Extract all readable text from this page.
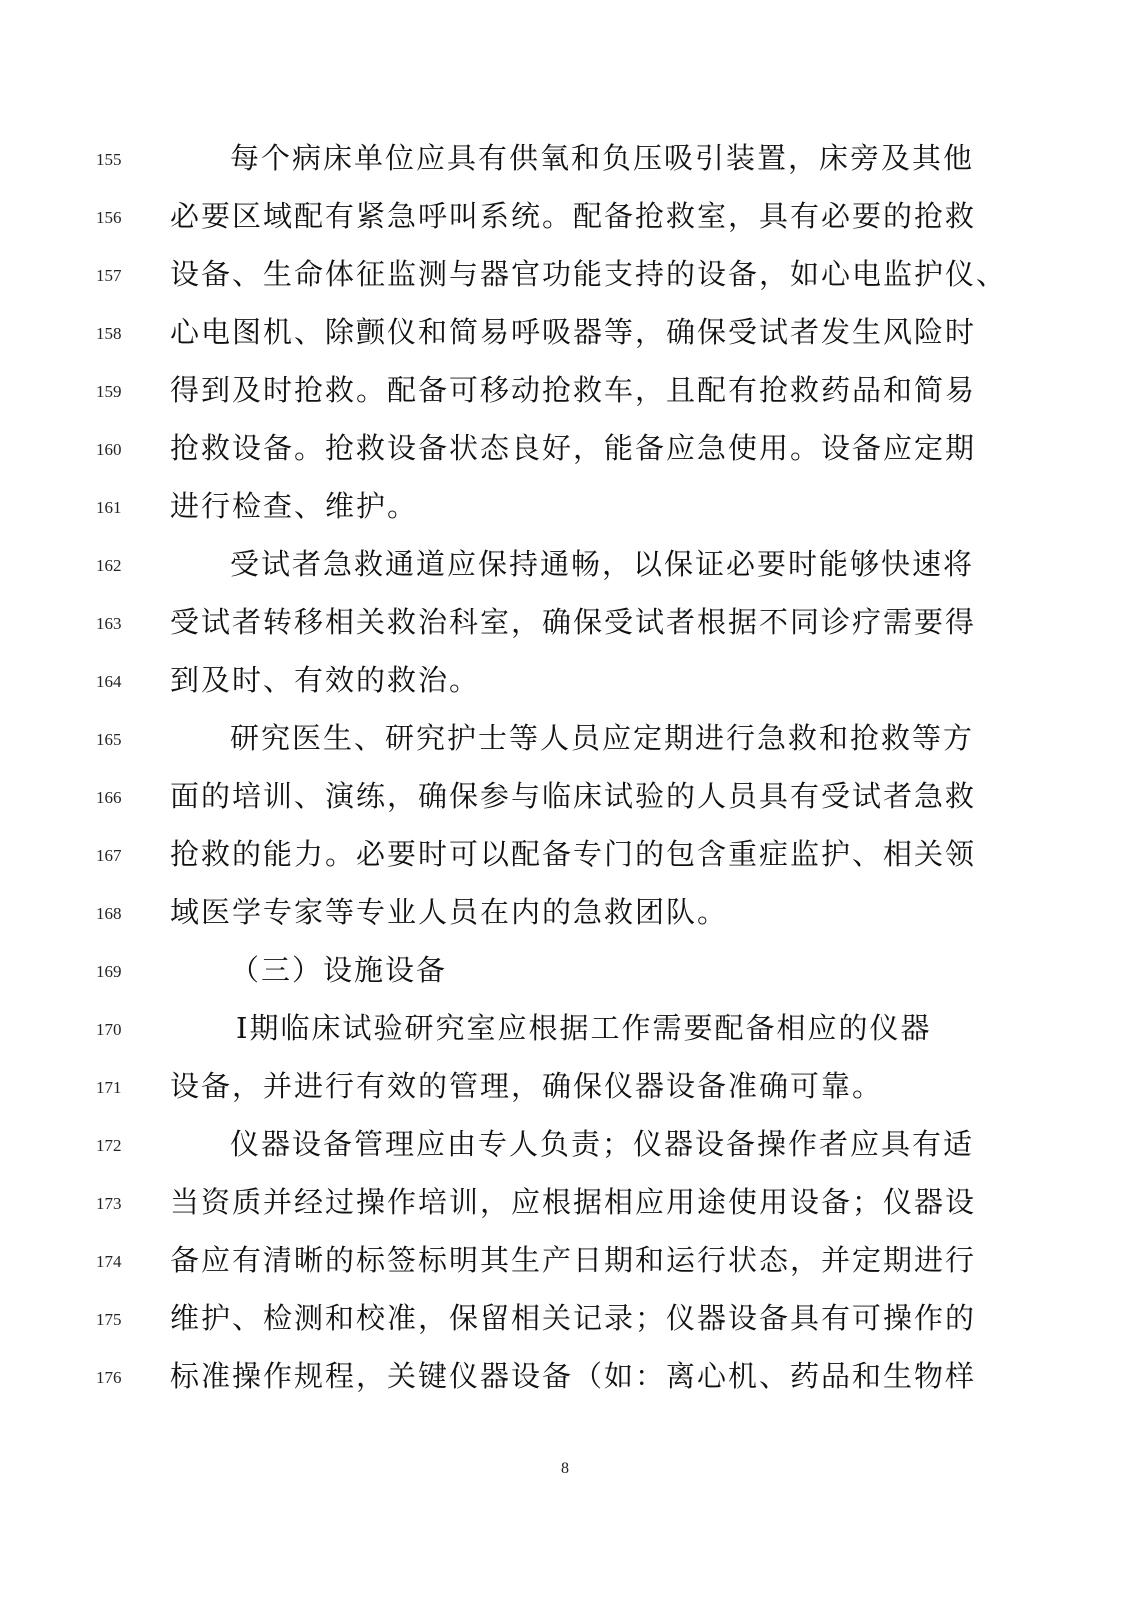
155	每个病床单位应具有供氧和负压吸引装置，床旁及其他
156	必要区域配有紧急呼叫系统。配备抢救室，具有必要的抢救
157	设备、生命体征监测与器官功能支持的设备，如心电监护仪、
158	心电图机、除颤仪和简易呼吸器等，确保受试者发生风险时
159	得到及时抢救。配备可移动抢救车，且配有抢救药品和简易
160	抢救设备。抢救设备状态良好，能备应急使用。设备应定期
161	进行检查、维护。
162	受试者急救通道应保持通畅，以保证必要时能够快速将
163	受试者转移相关救治科室，确保受试者根据不同诊疗需要得
164	到及时、有效的救治。
165	研究医生、研究护士等人员应定期进行急救和抢救等方
166	面的培训、演练，确保参与临床试验的人员具有受试者急救
167	抢救的能力。必要时可以配备专门的包含重症监护、相关领
168	域医学专家等专业人员在内的急救团队。
169	（三）设施设备
170	Ⅰ期临床试验研究室应根据工作需要配备相应的仪器
171	设备，并进行有效的管理，确保仪器设备准确可靠。
172	仪器设备管理应由专人负责；仪器设备操作者应具有适
173	当资质并经过操作培训，应根据相应用途使用设备；仪器设
174	备应有清晰的标签标明其生产日期和运行状态，并定期进行
175	维护、检测和校准，保留相关记录；仪器设备具有可操作的
176	标准操作规程，关键仪器设备（如：离心机、药品和生物样
8
